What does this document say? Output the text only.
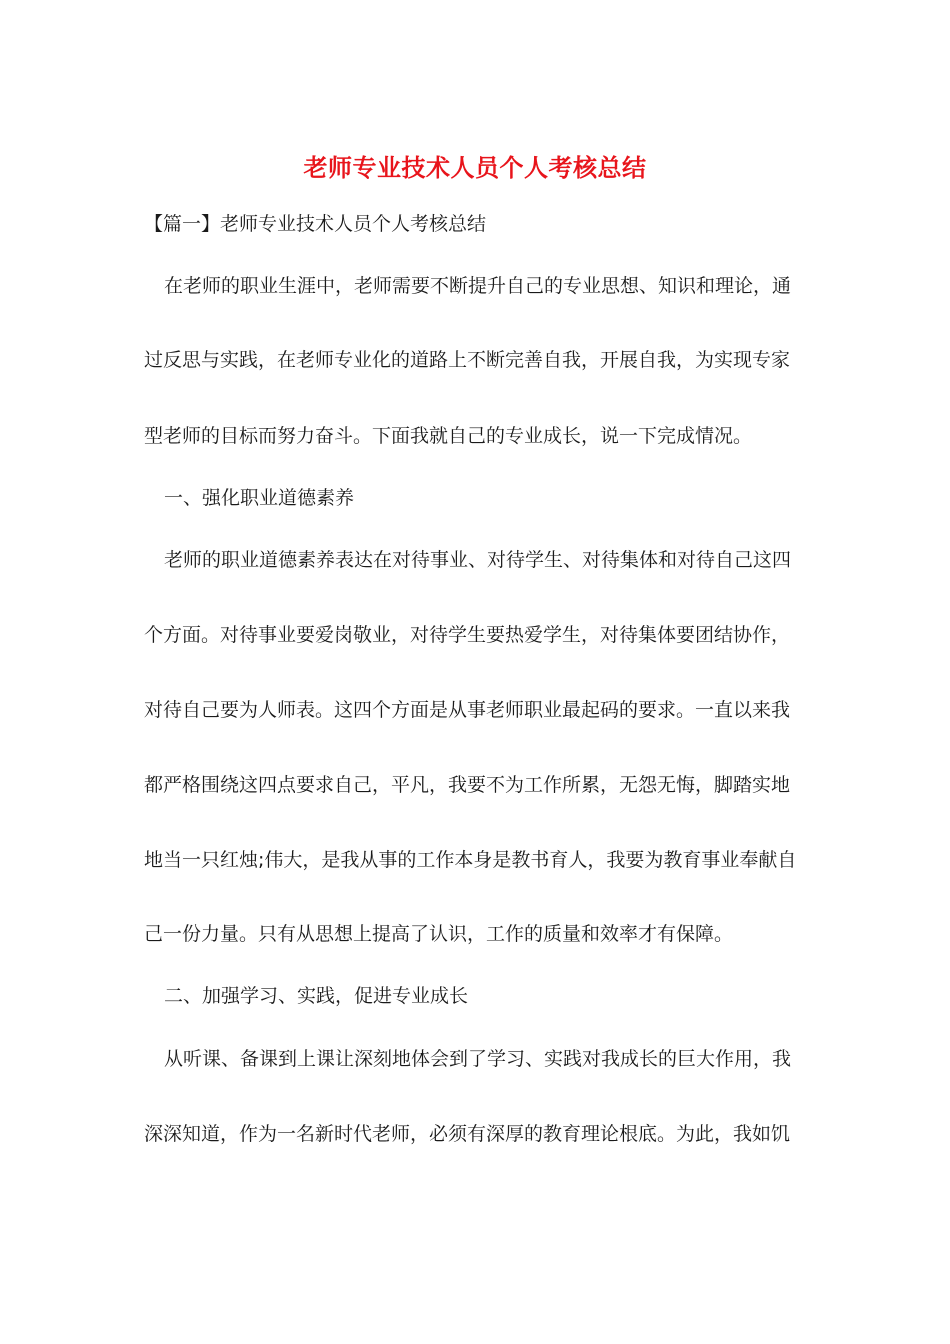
老师专业技术人员个人考核总结
【篇一】老师专业技术人员个人考核总结
在老师的职业生涯中，老师需要不断提升自己的专业思想、知识和理论，通
过反思与实践，在老师专业化的道路上不断完善自我，开展自我，为实现专家
型老师的目标而努力奋斗。下面我就自己的专业成长，说一下完成情况。
一、强化职业道德素养
老师的职业道德素养表达在对待事业、对待学生、对待集体和对待自己这四
个方面。对待事业要爱岗敬业，对待学生要热爱学生，对待集体要团结协作，
对待自己要为人师表。这四个方面是从事老师职业最起码的要求。一直以来我
都严格围绕这四点要求自己，平凡，我要不为工作所累，无怨无悔，脚踏实地
地当一只红烛;伟大，是我从事的工作本身是教书育人，我要为教育事业奉献自
己一份力量。只有从思想上提高了认识，工作的质量和效率才有保障。
二、加强学习、实践，促进专业成长
从听课、备课到上课让深刻地体会到了学习、实践对我成长的巨大作用，我
深深知道，作为一名新时代老师，必须有深厚的教育理论根底。为此，我如饥
